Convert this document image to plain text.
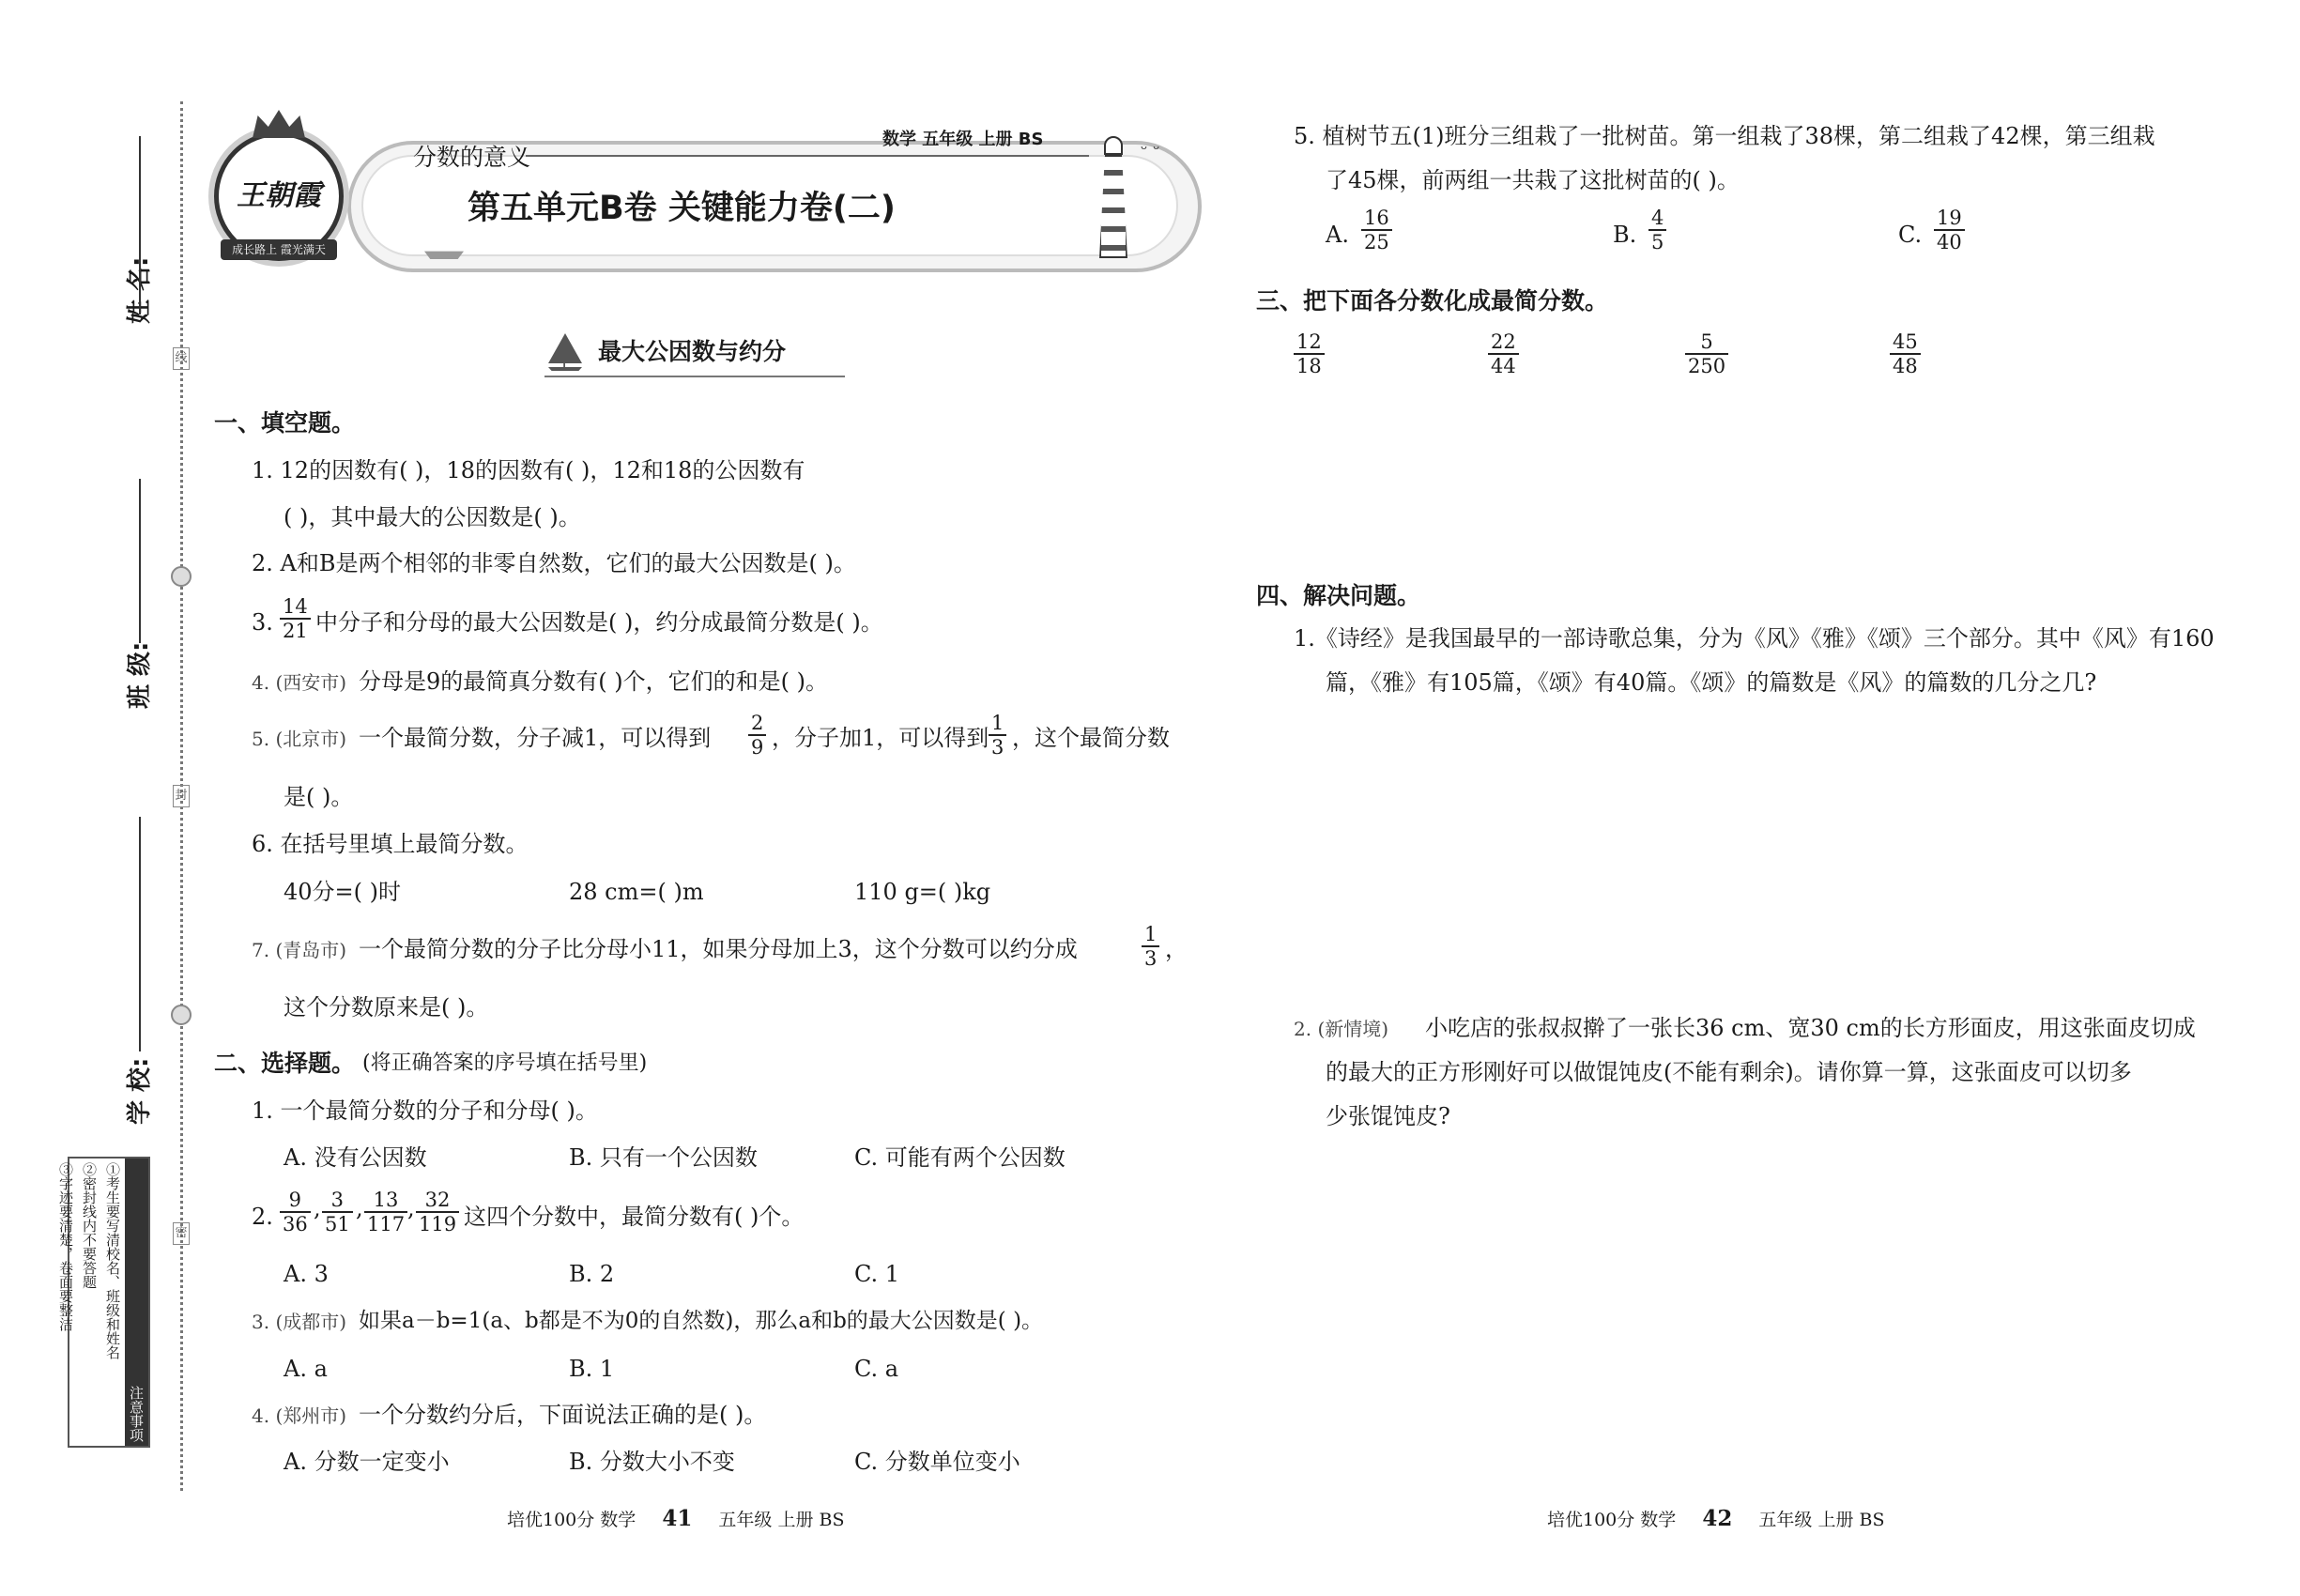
姓 名:
班 级:
学 校:
线
封
密
注意事项
①考生要写清校名、班级和姓名
②密封线内不要答题
③字迹要清楚，卷面要整洁
王朝霞
成长路上 霞光满天
分数的意义
数学 五年级 上册 BS
第五单元B卷 关键能力卷(二)
ᵕ ᵕ
最大公因数与约分
一、填空题。
1. 12的因数有( )，18的因数有( )，12和18的公因数有
( )，其中最大的公因数是( )。
2. A和B是两个相邻的非零自然数，它们的最大公因数是( )。
3. $\frac{14}{21}$ 中分子和分母的最大公因数是( )，约分成最简分数是( )。
4. (西安市) 分母是9的最简真分数有( )个，它们的和是( )。
5. (北京市) 一个最简分数，分子减1，可以得到 $\frac{2}{9}$ ，分子加1，可以得到 $\frac{1}{3}$ ，这个最简分数
是( )。
6. 在括号里填上最简分数。
40分=( )时	28 cm=( )m	110 g=( )kg
7. (青岛市) 一个最简分数的分子比分母小11，如果分母加上3，这个分数可以约分成	$\frac{1}{3}$ ，
这个分数原来是( )。
二、选择题。 (将正确答案的序号填在括号里)
1. 一个最简分数的分子和分母( )。
A. 没有公因数	B. 只有一个公因数	C. 可能有两个公因数
2. $\frac{9}{36}$ , $\frac{3}{51}$ , $\frac{13}{117}$ , $\frac{32}{119}$ 这四个分数中，最简分数有( )个。
A. 3	B. 2	C. 1
3. (成都市) 如果a－b=1(a、b都是不为0的自然数)，那么a和b的最大公因数是( )。
A. a	B. 1	C. a
4. (郑州市) 一个分数约分后，下面说法正确的是( )。
A. 分数一定变小	B. 分数大小不变	C. 分数单位变小
培优100分 数学 41 五年级 上册 BS
5. 植树节五(1)班分三组栽了一批树苗。第一组栽了38棵，第二组栽了42棵，第三组栽
了45棵，前两组一共栽了这批树苗的( )。
A. $\frac{16}{25}$	B. $\frac{4}{5}$	C. $\frac{19}{40}$
三、把下面各分数化成最简分数。
$\frac{12}{18}$	$\frac{22}{44}$	$\frac{5}{250}$	$\frac{45}{48}$
四、解决问题。
1.《诗经》是我国最早的一部诗歌总集，分为《风》《雅》《颂》三个部分。其中《风》有160
篇，《雅》有105篇，《颂》有40篇。《颂》的篇数是《风》的篇数的几分之几?
2. (新情境) 小吃店的张叔叔擀了一张长36 cm、宽30 cm的长方形面皮，用这张面皮切成
的最大的正方形刚好可以做馄饨皮(不能有剩余)。请你算一算，这张面皮可以切多
少张馄饨皮?
培优100分 数学 42 五年级 上册 BS
